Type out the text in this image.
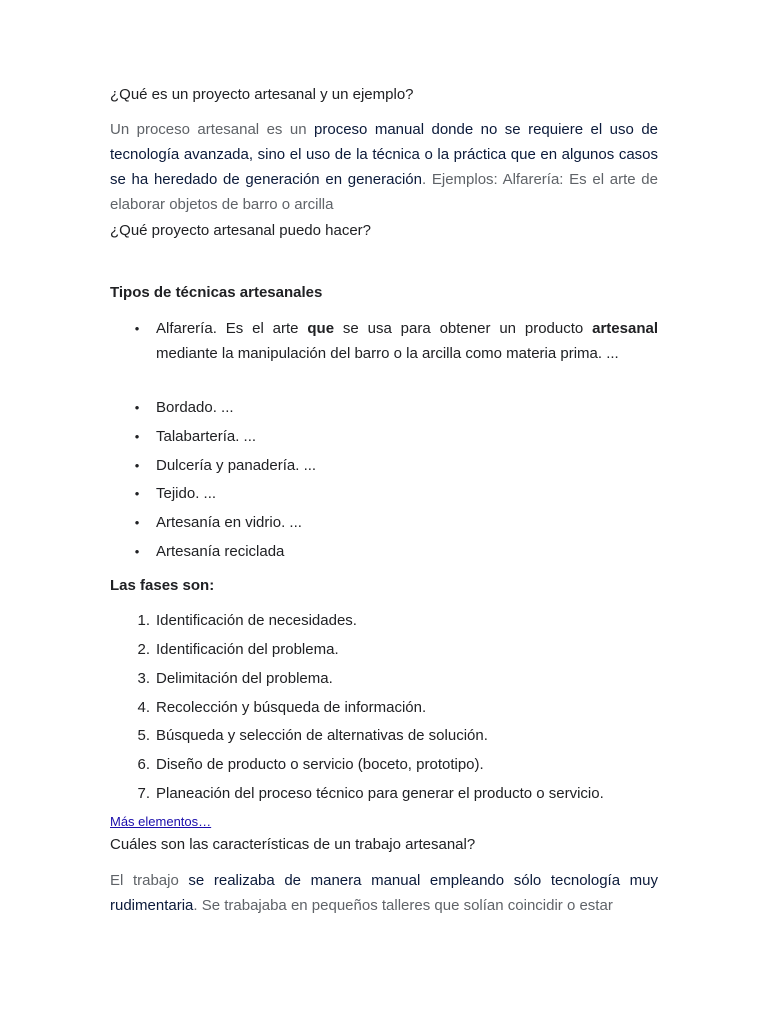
¿Qué es un proyecto artesanal y un ejemplo?

Un proceso artesanal es un proceso manual donde no se requiere el uso de tecnología avanzada, sino el uso de la técnica o la práctica que en algunos casos se ha heredado de generación en generación. Ejemplos: Alfarería: Es el arte de elaborar objetos de barro o arcilla

¿Qué proyecto artesanal puedo hacer?
Tipos de técnicas artesanales
• Alfarería. Es el arte que se usa para obtener un producto artesanal mediante la manipulación del barro o la arcilla como materia prima. ...
• Bordado. ...
• Talabartería. ...
• Dulcería y panadería. ...
• Tejido. ...
• Artesanía en vidrio. ...
• Artesanía reciclada
Las fases son:
1. Identificación de necesidades.
2. Identificación del problema.
3. Delimitación del problema.
4. Recolección y búsqueda de información.
5. Búsqueda y selección de alternativas de solución.
6. Diseño de producto o servicio (boceto, prototipo).
7. Planeación del proceso técnico para generar el producto o servicio.
Más elementos…
Cuáles son las características de un trabajo artesanal?

El trabajo se realizaba de manera manual empleando sólo tecnología muy rudimentaria. Se trabajaba en pequeños talleres que solían coincidir o estar
